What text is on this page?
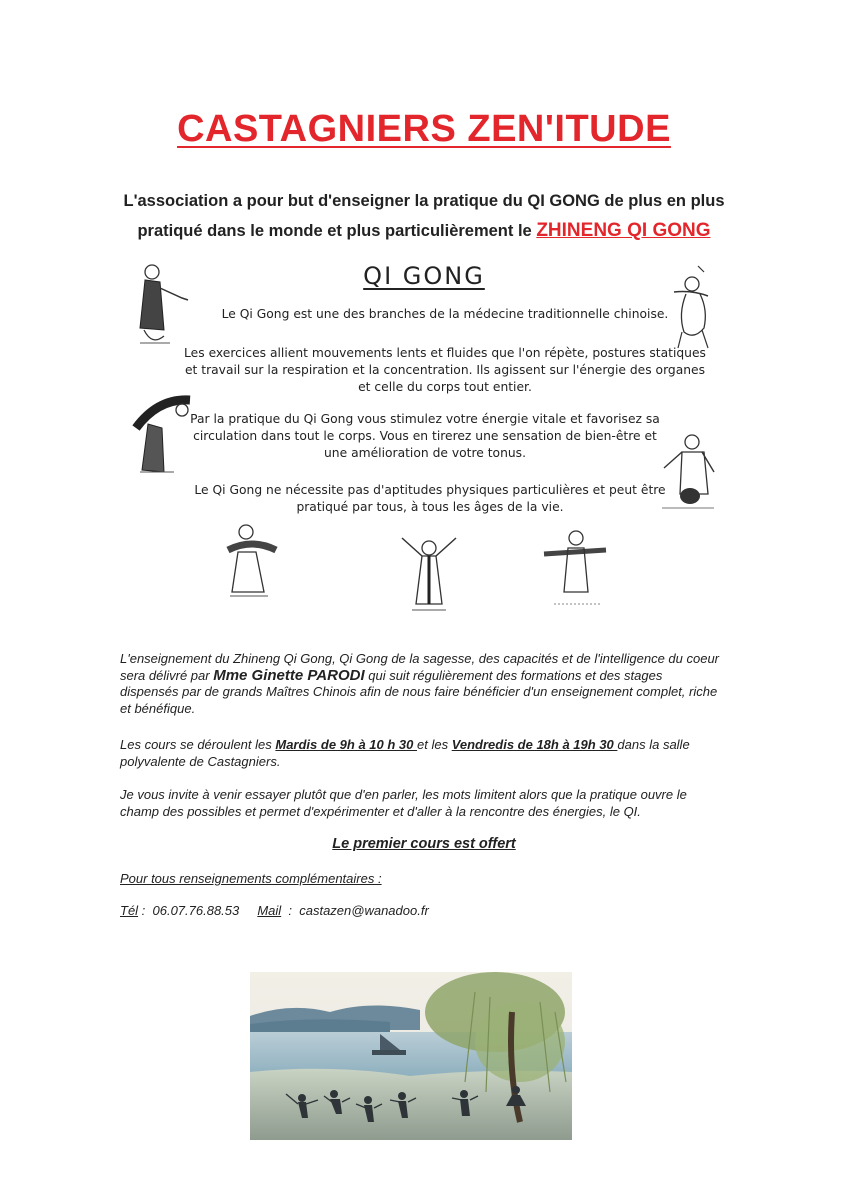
CASTAGNIERS ZEN'ITUDE
L'association a pour but d'enseigner la pratique du QI GONG de plus en plus
pratiqué dans le monde et plus particulièrement le ZHINENG QI GONG
QI GONG
Le Qi Gong est une des branches de la médecine traditionnelle chinoise.
Les exercices allient mouvements lents et fluides que l'on répète, postures statiques et travail sur la respiration et la concentration. Ils agissent sur l'énergie des organes et celle du corps tout entier.
Par la pratique du Qi Gong vous stimulez votre énergie vitale et favorisez sa circulation dans tout le corps. Vous en tirerez une sensation de bien-être et une amélioration de votre tonus.
Le Qi Gong ne nécessite pas d'aptitudes physiques particulières et peut être pratiqué par tous, à tous les âges de la vie.
L'enseignement du Zhineng Qi Gong, Qi Gong de la sagesse, des capacités et de l'intelligence du coeur sera délivré par Mme Ginette PARODI qui suit régulièrement des formations et des stages dispensés par de grands Maîtres Chinois afin de nous faire bénéficier d'un enseignement complet, riche et bénéfique.
Les cours se déroulent les Mardis de 9h à 10 h 30 et les Vendredis de 18h à 19h 30 dans la salle polyvalente de Castagniers.
Je vous invite à venir essayer plutôt que d'en parler, les mots limitent alors que la pratique ouvre le champ des possibles et permet d'expérimenter et d'aller à la rencontre des énergies, le QI.
Le premier cours est offert
Pour tous renseignements complémentaires :
Tél :  06.07.76.88.53     Mail  :  castazen@wanadoo.fr
